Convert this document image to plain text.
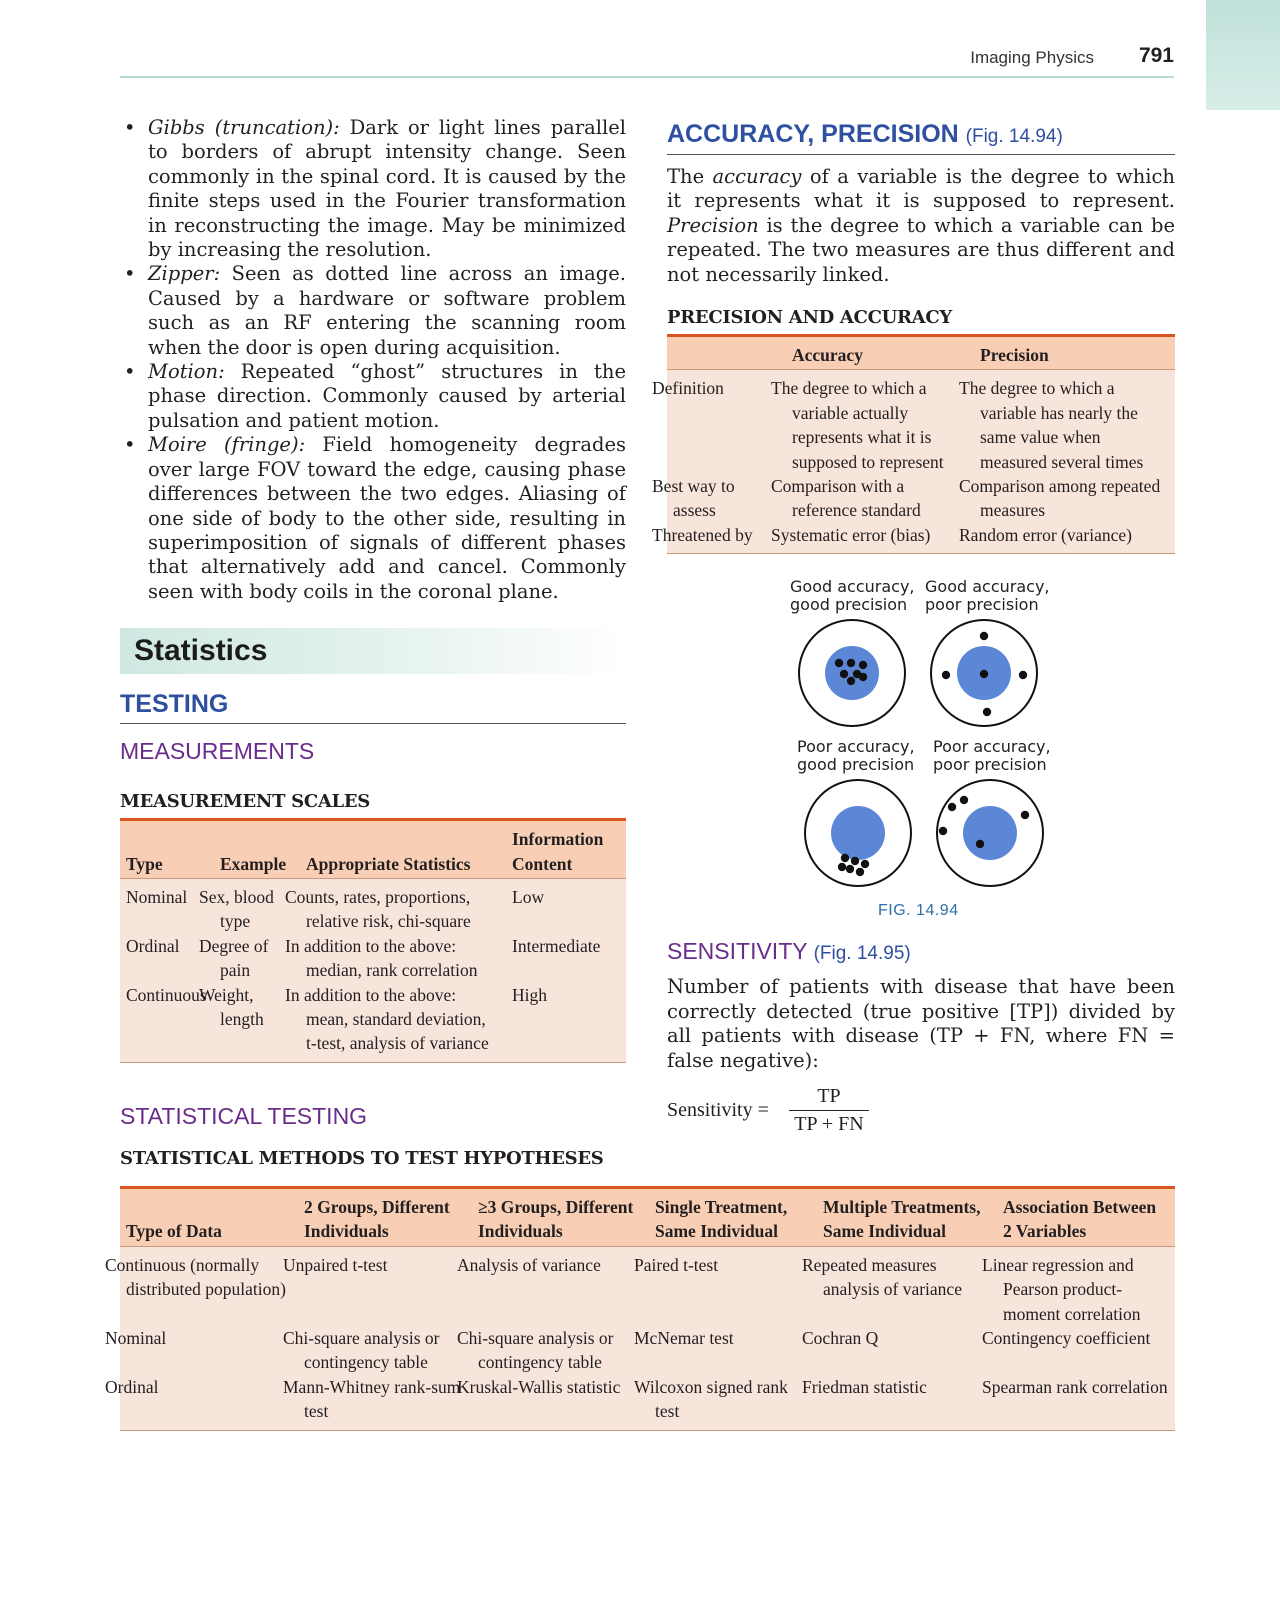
Imaging Physics 791
• Gibbs (truncation): Dark or light lines parallel to borders of abrupt intensity change. Seen commonly in the spinal cord. It is caused by the finite steps used in the Fourier transformation in reconstructing the image. May be minimized by increasing the resolution.
• Zipper: Seen as dotted line across an image. Caused by a hardware or software problem such as an RF entering the scanning room when the door is open during acquisition.
• Motion: Repeated “ghost” structures in the phase direction. Commonly caused by arterial pulsation and patient motion.
• Moire (fringe): Field homogeneity degrades over large FOV toward the edge, causing phase differences between the two edges. Aliasing of one side of body to the other side, resulting in superimposition of signals of different phases that alternatively add and cancel. Commonly seen with body coils in the coronal plane.
Statistics
TESTING
MEASUREMENTS
MEASUREMENT SCALES
Type	Example	Appropriate Statistics	Information Content
Nominal	Sex, blood type	Counts, rates, proportions, relative risk, chi-square	Low
Ordinal	Degree of pain	In addition to the above: median, rank correlation	Intermediate
Continuous	Weight, length	In addition to the above: mean, standard deviation, t-test, analysis of variance	High
STATISTICAL TESTING
STATISTICAL METHODS TO TEST HYPOTHESES
ACCURACY, PRECISION (Fig. 14.94)

The accuracy of a variable is the degree to which it represents what it is supposed to represent. Precision is the degree to which a variable can be repeated. The two measures are thus different and not necessarily linked.

PRECISION AND ACCURACY
	Accuracy	Precision
Definition	The degree to which a variable actually represents what it is supposed to represent	The degree to which a variable has nearly the same value when measured several times
Best way to assess	Comparison with a reference standard	Comparison among repeated measures
Threatened by	Systematic error (bias)	Random error (variance)
Good accuracy,
good precision
Good accuracy,
poor precision
Poor accuracy,
good precision
Poor accuracy,
poor precision
FIG. 14.94
SENSITIVITY (Fig. 14.95)

Number of patients with disease that have been correctly detected (true positive [TP]) divided by all patients with disease (TP + FN, where FN = false negative):

Sensitivity = $\frac{TP}{TP + FN}$
Type of Data	2 Groups, Different Individuals	≥3 Groups, Different Individuals	Single Treatment, Same Individual	Multiple Treatments, Same Individual	Association Between 2 Variables
Continuous (normally distributed population)	Unpaired t-test	Analysis of variance	Paired t-test	Repeated measures analysis of variance	Linear regression and Pearson product-moment correlation
Nominal	Chi-square analysis or contingency table	Chi-square analysis or contingency table	McNemar test	Cochran Q	Contingency coefficient
Ordinal	Mann-Whitney rank-sum test	Kruskal-Wallis statistic	Wilcoxon signed rank test	Friedman statistic	Spearman rank correlation
